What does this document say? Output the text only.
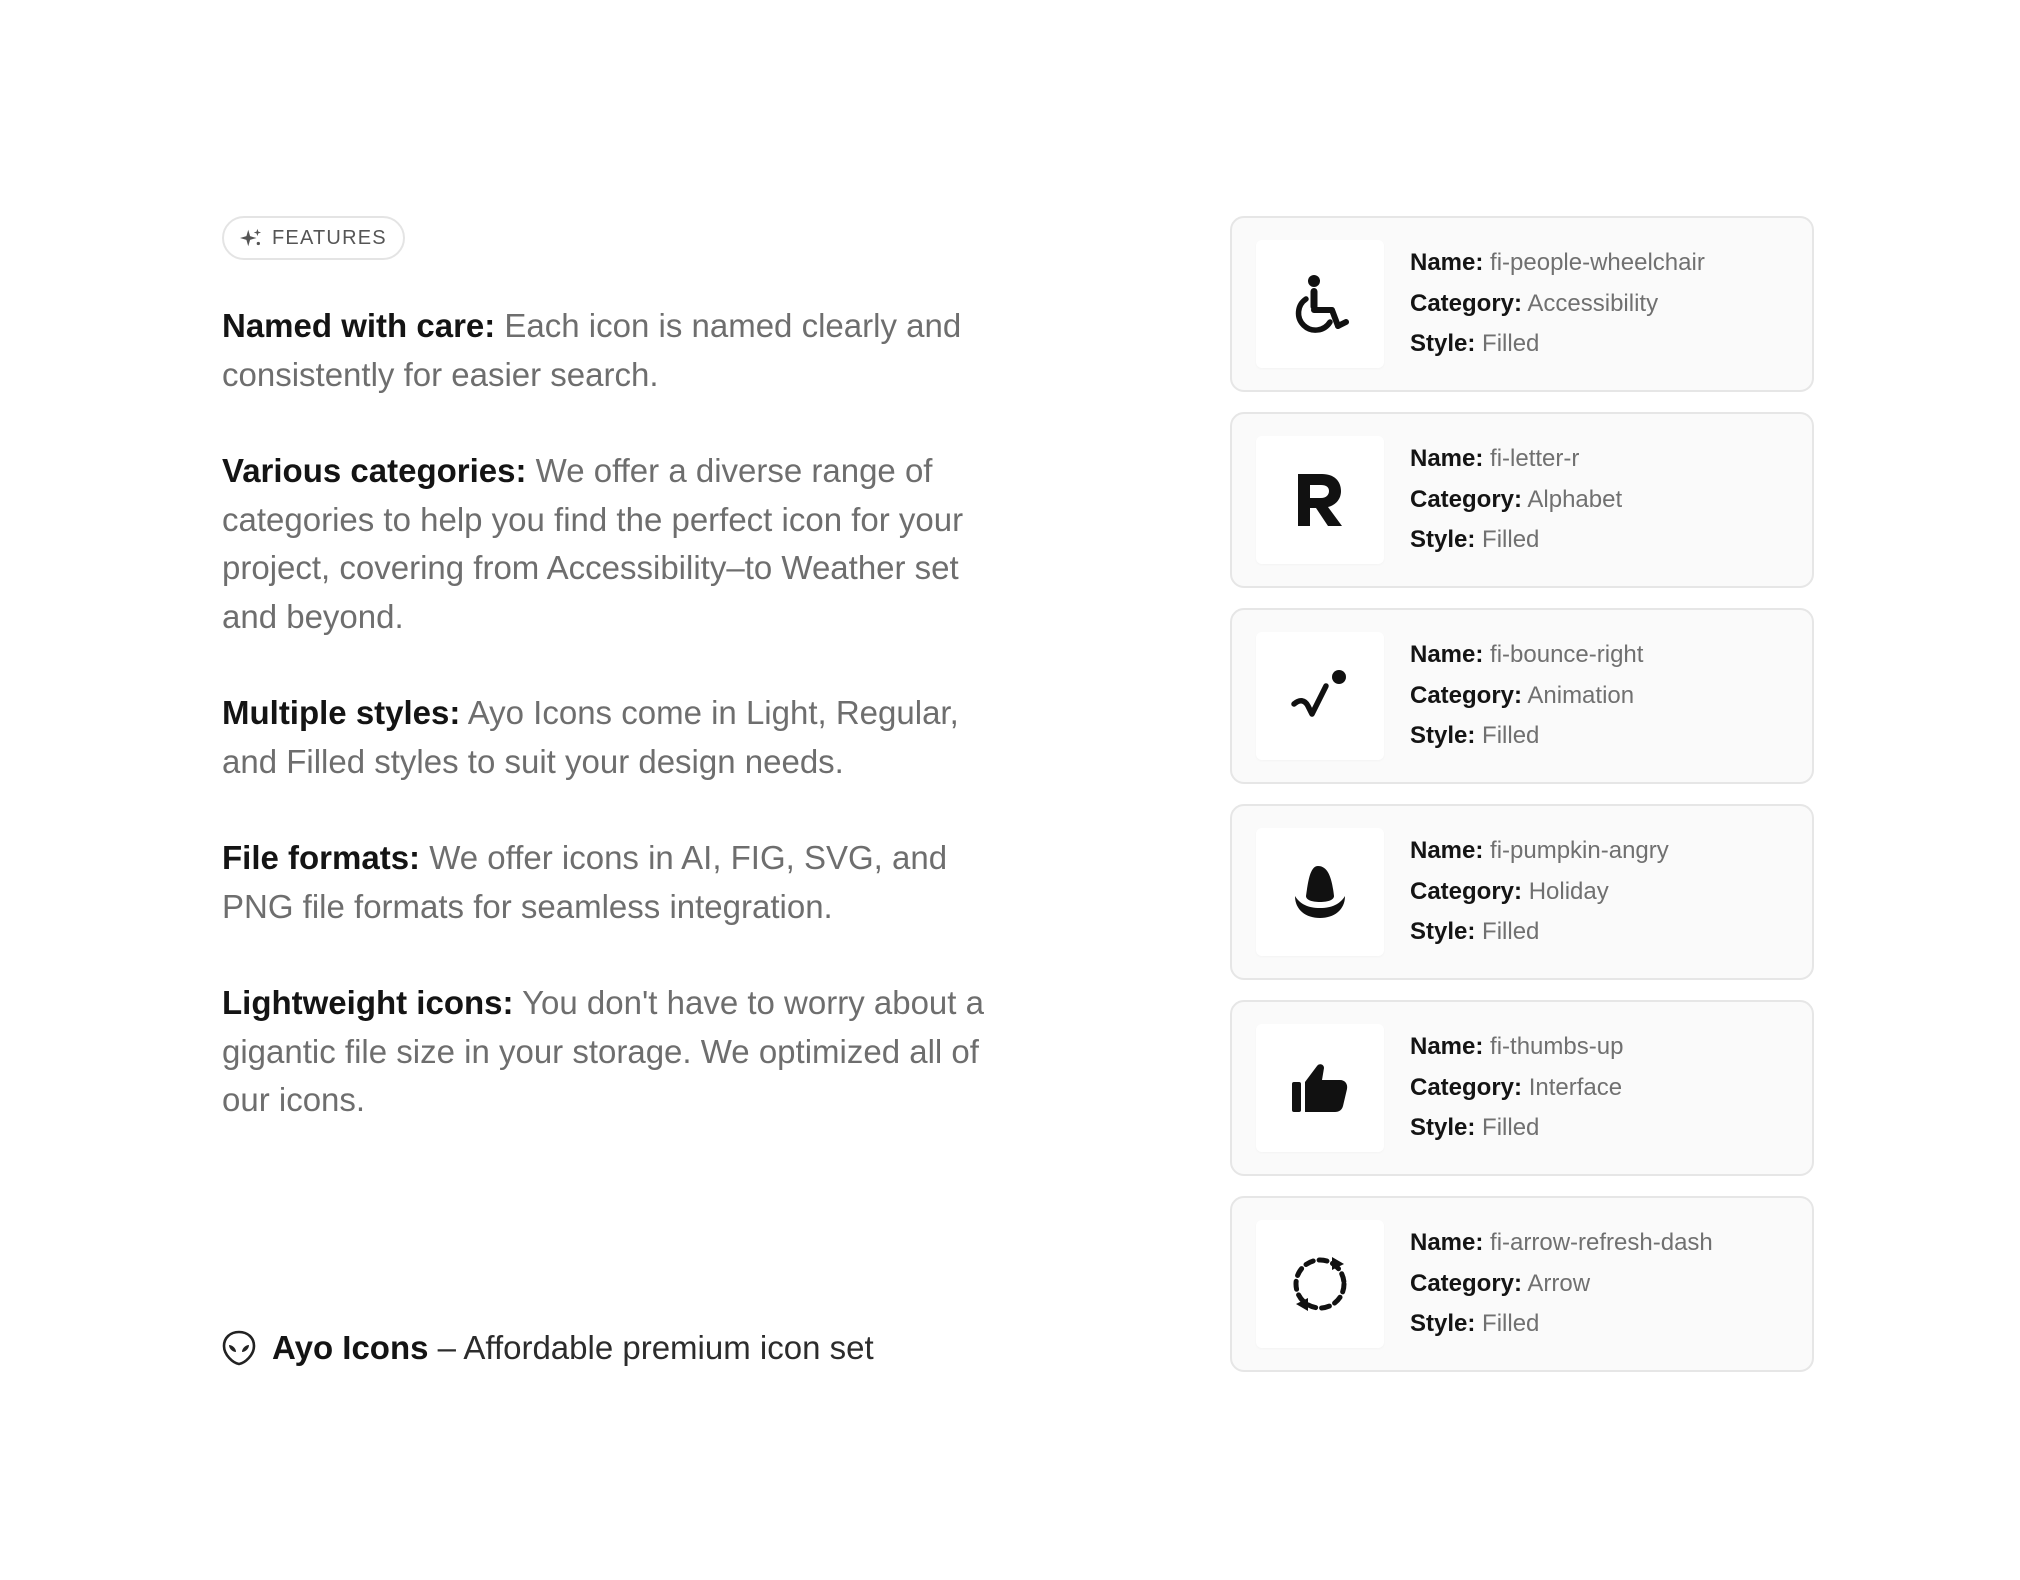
FEATURES

Named with care: Each icon is named clearly and consistently for easier search.

Various categories: We offer a diverse range of categories to help you find the perfect icon for your project, covering from Accessibility–to Weather set and beyond.

Multiple styles: Ayo Icons come in Light, Regular, and Filled styles to suit your design needs.

File formats: We offer icons in AI, FIG, SVG, and PNG file formats for seamless integration.

Lightweight icons: You don't have to worry about a gigantic file size in your storage. We optimized all of our icons.

Ayo Icons – Affordable premium icon set
Name: fi-people-wheelchair
Category: Accessibility
Style: Filled
Name: fi-letter-r
Category: Alphabet
Style: Filled
Name: fi-bounce-right
Category: Animation
Style: Filled
Name: fi-pumpkin-angry
Category: Holiday
Style: Filled
Name: fi-thumbs-up
Category: Interface
Style: Filled
Name: fi-arrow-refresh-dash
Category: Arrow
Style: Filled
